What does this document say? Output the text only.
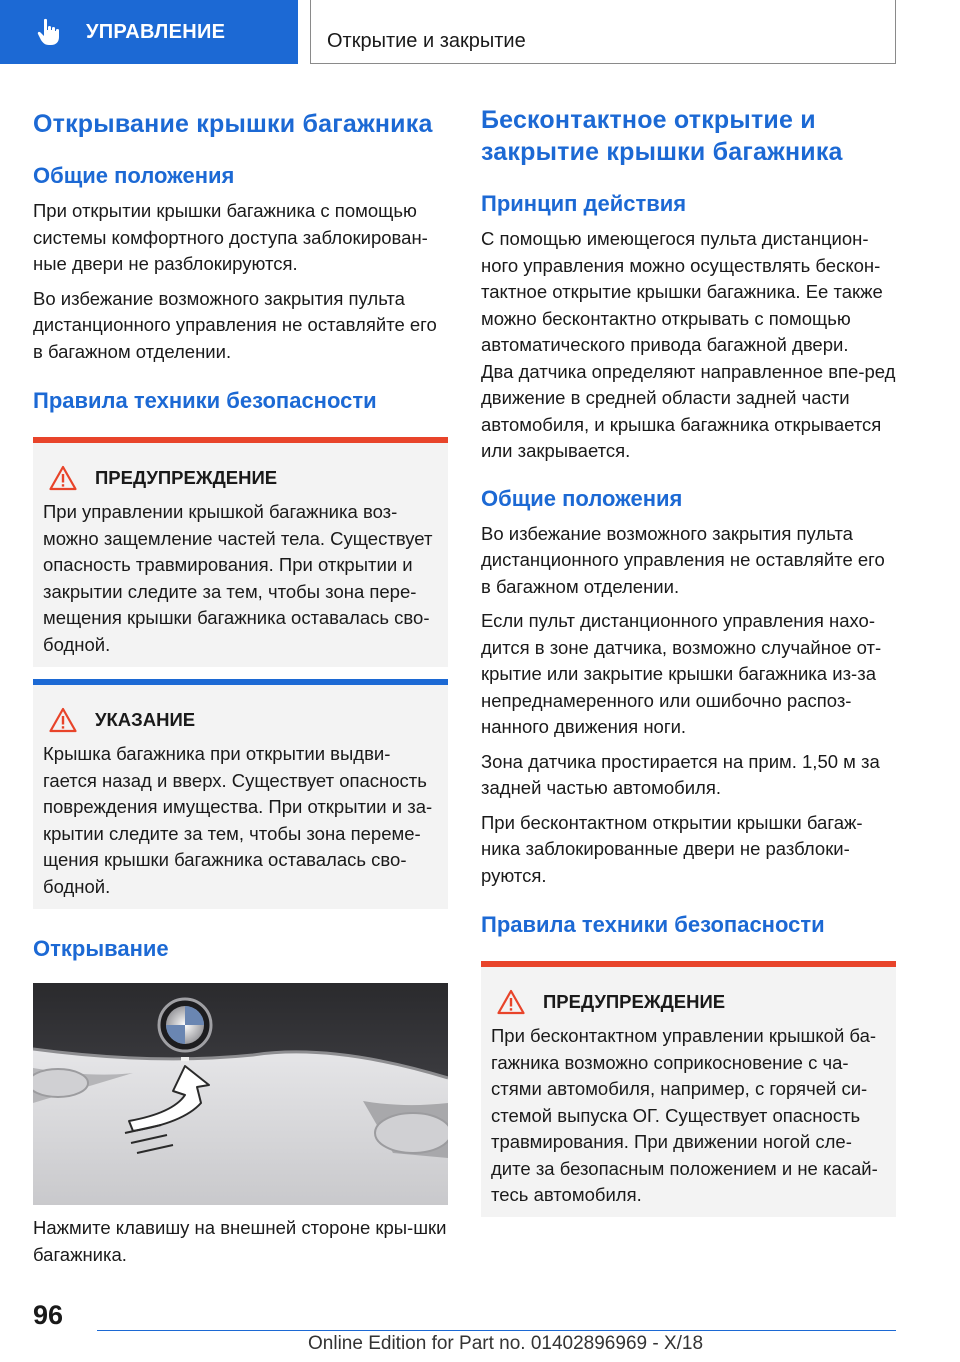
УПРАВЛЕНИЕ	Открытие и закрытие
Открывание крышки багажника
Общие положения

При открытии крышки багажника с помощью системы комфортного доступа заблокирован-ные двери не разблокируются.

Во избежание возможного закрытия пульта дистанционного управления не оставляйте его в багажном отделении.

Правила техники безопасности
ПРЕДУПРЕЖДЕНИЕ

При управлении крышкой багажника воз-можно защемление частей тела. Существует опасность травмирования. При открытии и закрытии следите за тем, чтобы зона пере-мещения крышки багажника оставалась сво-бодной.

УКАЗАНИЕ

Крышка багажника при открытии выдви-гается назад и вверх. Существует опасность повреждения имущества. При открытии и за-крытии следите за тем, чтобы зона переме-щения крышки багажника оставалась сво-бодной.

Открывание

Нажмите клавишу на внешней стороне кры-шки багажника.

Бесконтактное открытие и закрытие крышки багажника
Принцип действия

С помощью имеющегося пульта дистанцион-ного управления можно осуществлять бескон-тактное открытие крышки багажника. Ее также можно бесконтактно открывать с помощью автоматического привода багажной двери.

Два датчика определяют направленное впе-ред движение в средней области задней части автомобиля, и крышка багажника открывается или закрывается.

Общие положения

Во избежание возможного закрытия пульта дистанционного управления не оставляйте его в багажном отделении.

Если пульт дистанционного управления нахо-дится в зоне датчика, возможно случайное от-крытие или закрытие крышки багажника из-за непреднамеренного или ошибочно распоз-нанного движения ноги.

Зона датчика простирается на прим. 1,50 м за задней частью автомобиля.

При бесконтактном открытии крышки багаж-ника заблокированные двери не разблоки-руются.

Правила техники безопасности
ПРЕДУПРЕЖДЕНИЕ

При бесконтактном управлении крышкой ба-гажника возможно соприкосновение с ча-стями автомобиля, например, с горячей си-стемой выпуска ОГ. Существует опасность травмирования. При движении ногой сле-дите за безопасным положением и не касай-тесь автомобиля.

96
Online Edition for Part no. 01402896969 - X/18
